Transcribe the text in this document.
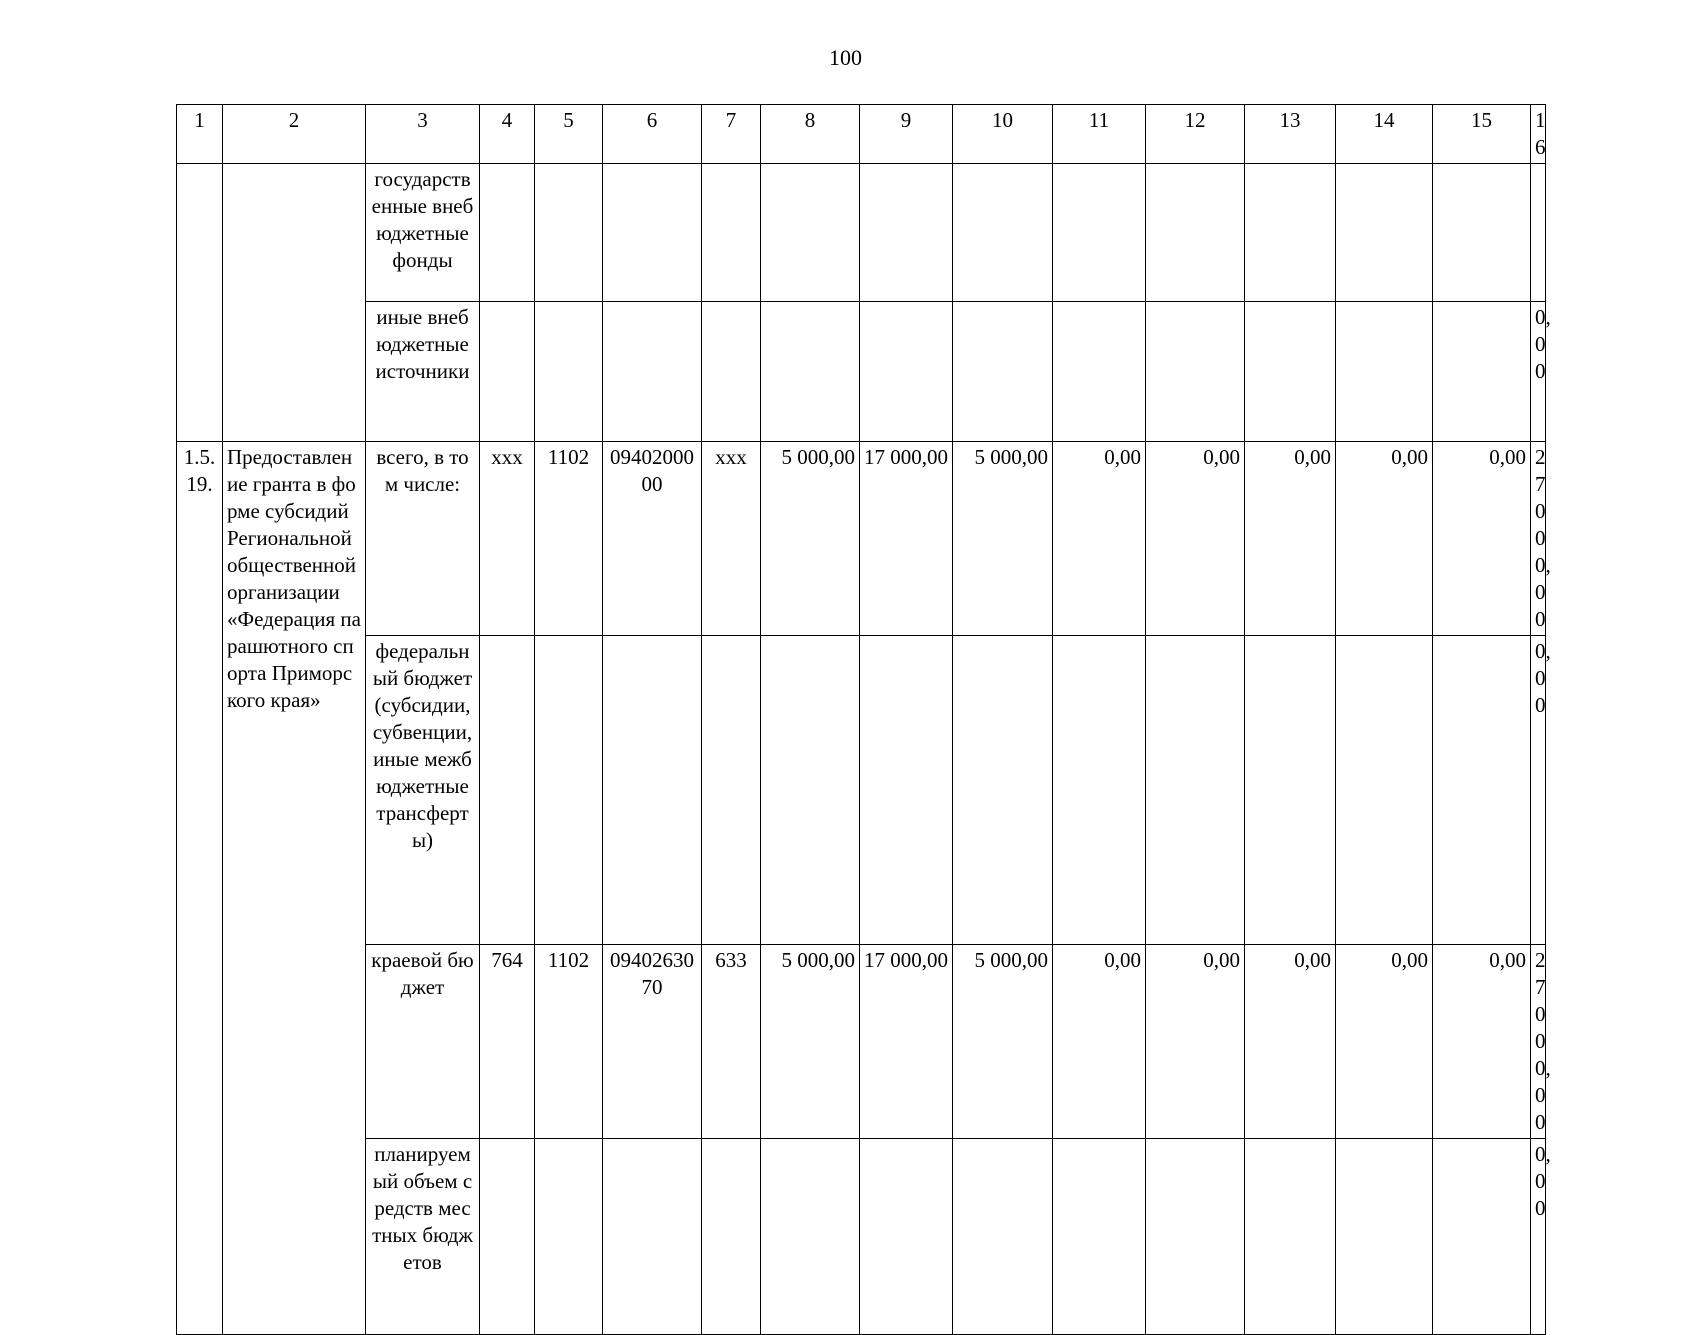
100
1	2	3	4	5	6	7	8	9	10	11	12	13	14	15	16
		государственные внебюджетные фонды													
		иные внебюджетные источники													0,00
1.5.19.	Предоставление гранта в форме субсидий Региональной общественной организации «Федерация парашютного спорта Приморского края»	всего, в том числе:	xxx	1102	0940200000	xxx	5 000,00	17 000,00	5 000,00	0,00	0,00	0,00	0,00	0,00	27 000,00
		федеральный бюджет (субсидии, субвенции, иные межбюджетные трансферты)													0,00
		краевой бюджет	764	1102	0940263070	633	5 000,00	17 000,00	5 000,00	0,00	0,00	0,00	0,00	0,00	27 000,00
		планируемый объем средств местных бюджетов													0,00
